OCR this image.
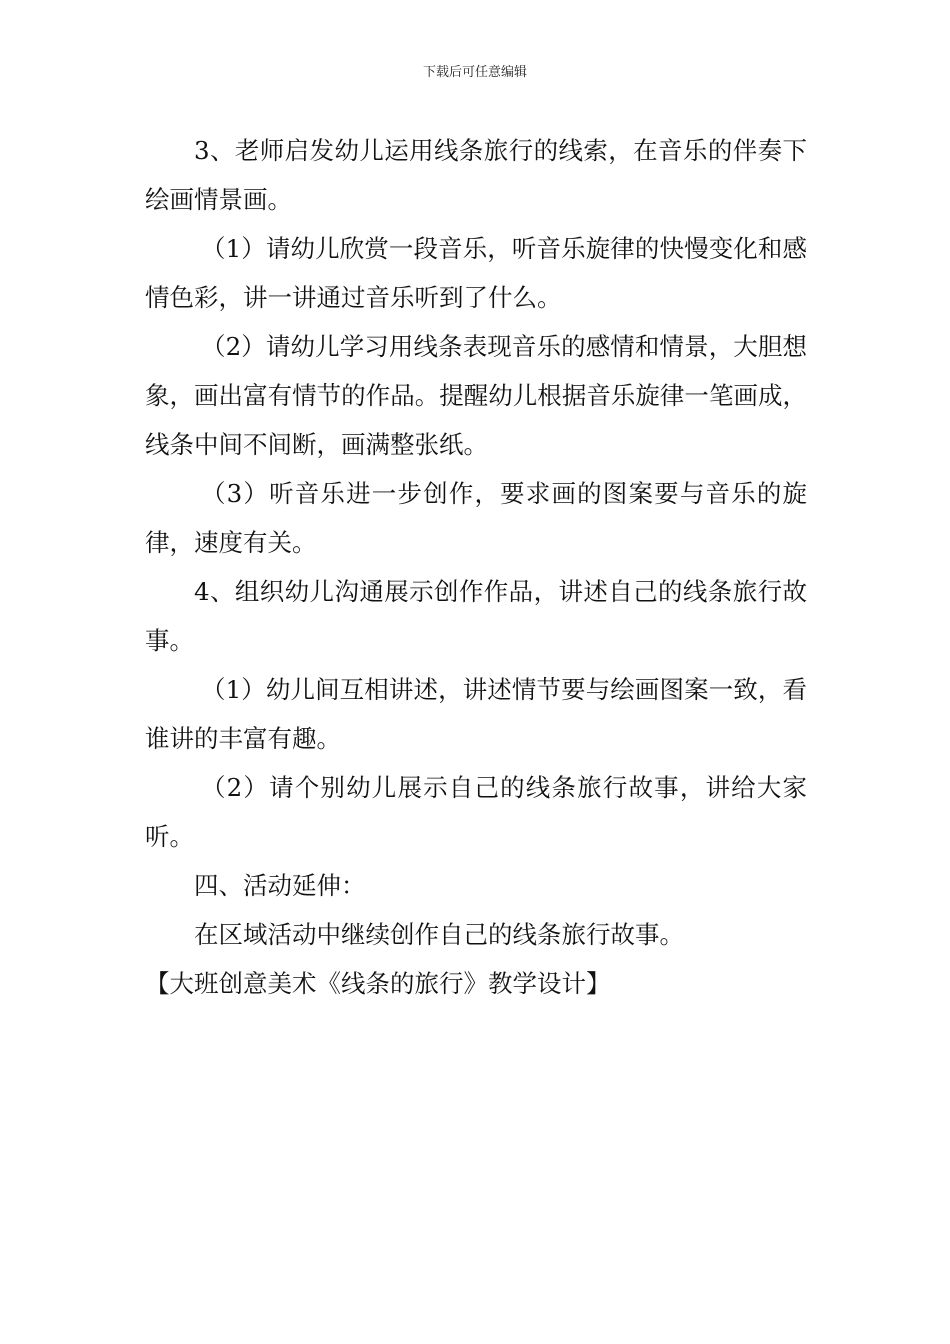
下载后可任意编辑

3、老师启发幼儿运用线条旅行的线索，在音乐的伴奏下绘画情景画。

（1）请幼儿欣赏一段音乐，听音乐旋律的快慢变化和感情色彩，讲一讲通过音乐听到了什么。

（2）请幼儿学习用线条表现音乐的感情和情景，大胆想象，画出富有情节的作品。提醒幼儿根据音乐旋律一笔画成，线条中间不间断，画满整张纸。

（3）听音乐进一步创作，要求画的图案要与音乐的旋律，速度有关。

4、组织幼儿沟通展示创作作品，讲述自己的线条旅行故事。

（1）幼儿间互相讲述，讲述情节要与绘画图案一致，看谁讲的丰富有趣。

（2）请个别幼儿展示自己的线条旅行故事，讲给大家听。

四、活动延伸：

在区域活动中继续创作自己的线条旅行故事。

【大班创意美术《线条的旅行》教学设计】
